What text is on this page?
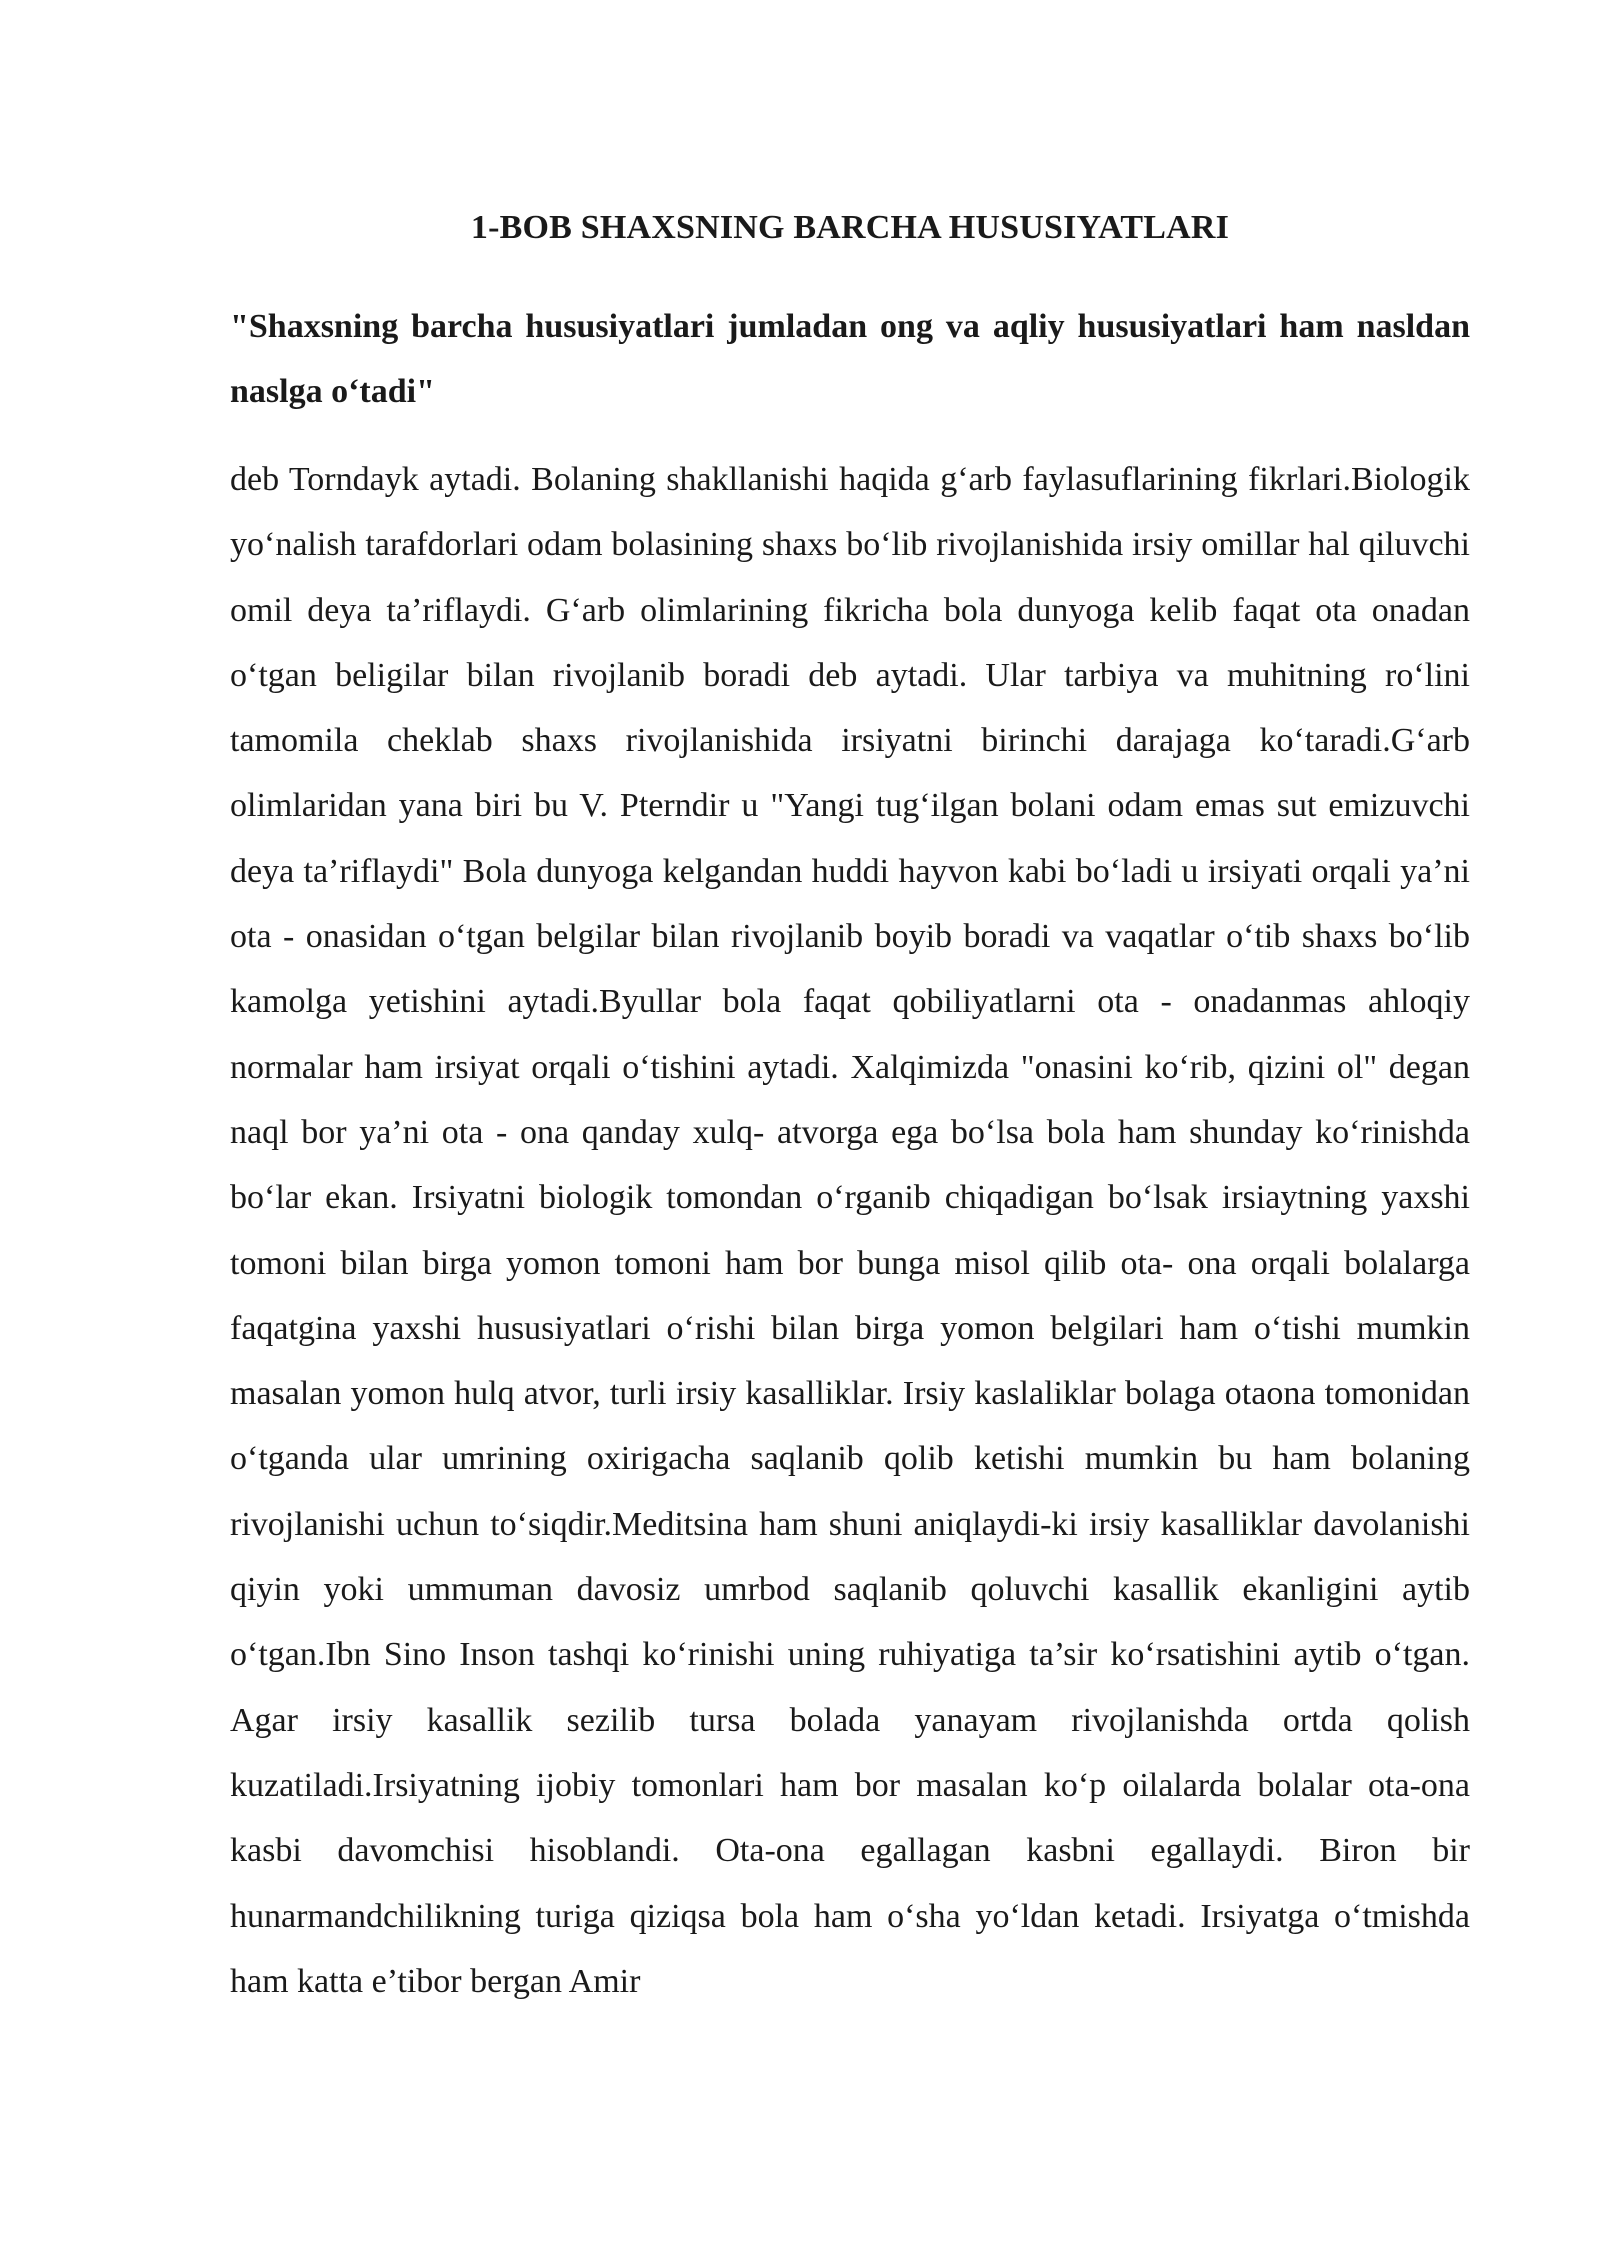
1-BOB SHAXSNING BARCHA HUSUSIYATLARI

"Shaxsning barcha hususiyatlari jumladan ong va aqliy hususiyatlari ham nasldan naslga o‘tadi"

deb Torndayk aytadi. Bolaning shakllanishi haqida g‘arb faylasuflarining fikrlari.Biologik yo‘nalish tarafdorlari odam bolasining shaxs bo‘lib rivojlanishida irsiy omillar hal qiluvchi omil deya ta’riflaydi. G‘arb olimlarining fikricha bola dunyoga kelib faqat ota onadan o‘tgan beligilar bilan rivojlanib boradi deb aytadi. Ular tarbiya va muhitning ro‘lini tamomila cheklab shaxs rivojlanishida irsiyatni birinchi darajaga ko‘taradi.G‘arb olimlaridan yana biri bu V. Pterndir u "Yangi tug‘ilgan bolani odam emas sut emizuvchi deya ta’riflaydi" Bola dunyoga kelgandan huddi hayvon kabi bo‘ladi u irsiyati orqali ya’ni ota - onasidan o‘tgan belgilar bilan rivojlanib boyib boradi va vaqatlar o‘tib shaxs bo‘lib kamolga yetishini aytadi.Byullar bola faqat qobiliyatlarni ota - onadanmas ahloqiy normalar ham irsiyat orqali o‘tishini aytadi. Xalqimizda "onasini ko‘rib, qizini ol" degan naql bor ya’ni ota - ona qanday xulq- atvorga ega bo‘lsa bola ham shunday ko‘rinishda bo‘lar ekan. Irsiyatni biologik tomondan o‘rganib chiqadigan bo‘lsak irsiaytning yaxshi tomoni bilan birga yomon tomoni ham bor bunga misol qilib ota- ona orqali bolalarga faqatgina yaxshi hususiyatlari o‘rishi bilan birga yomon belgilari ham o‘tishi mumkin masalan yomon hulq atvor, turli irsiy kasalliklar. Irsiy kaslaliklar bolaga otaona tomonidan o‘tganda ular umrining oxirigacha saqlanib qolib ketishi mumkin bu ham bolaning rivojlanishi uchun to‘siqdir.Meditsina ham shuni aniqlaydi-ki irsiy kasalliklar davolanishi qiyin yoki ummuman davosiz umrbod saqlanib qoluvchi kasallik ekanligini aytib o‘tgan.Ibn Sino Inson tashqi ko‘rinishi uning ruhiyatiga ta’sir ko‘rsatishini aytib o‘tgan. Agar irsiy kasallik sezilib tursa bolada yanayam rivojlanishda ortda qolish kuzatiladi.Irsiyatning ijobiy tomonlari ham bor masalan ko‘p oilalarda bolalar ota-ona kasbi davomchisi hisoblandi. Ota-ona egallagan kasbni egallaydi. Biron bir hunarmandchilikning turiga qiziqsa bola ham o‘sha yo‘ldan ketadi. Irsiyatga o‘tmishda ham katta e’tibor bergan Amir
